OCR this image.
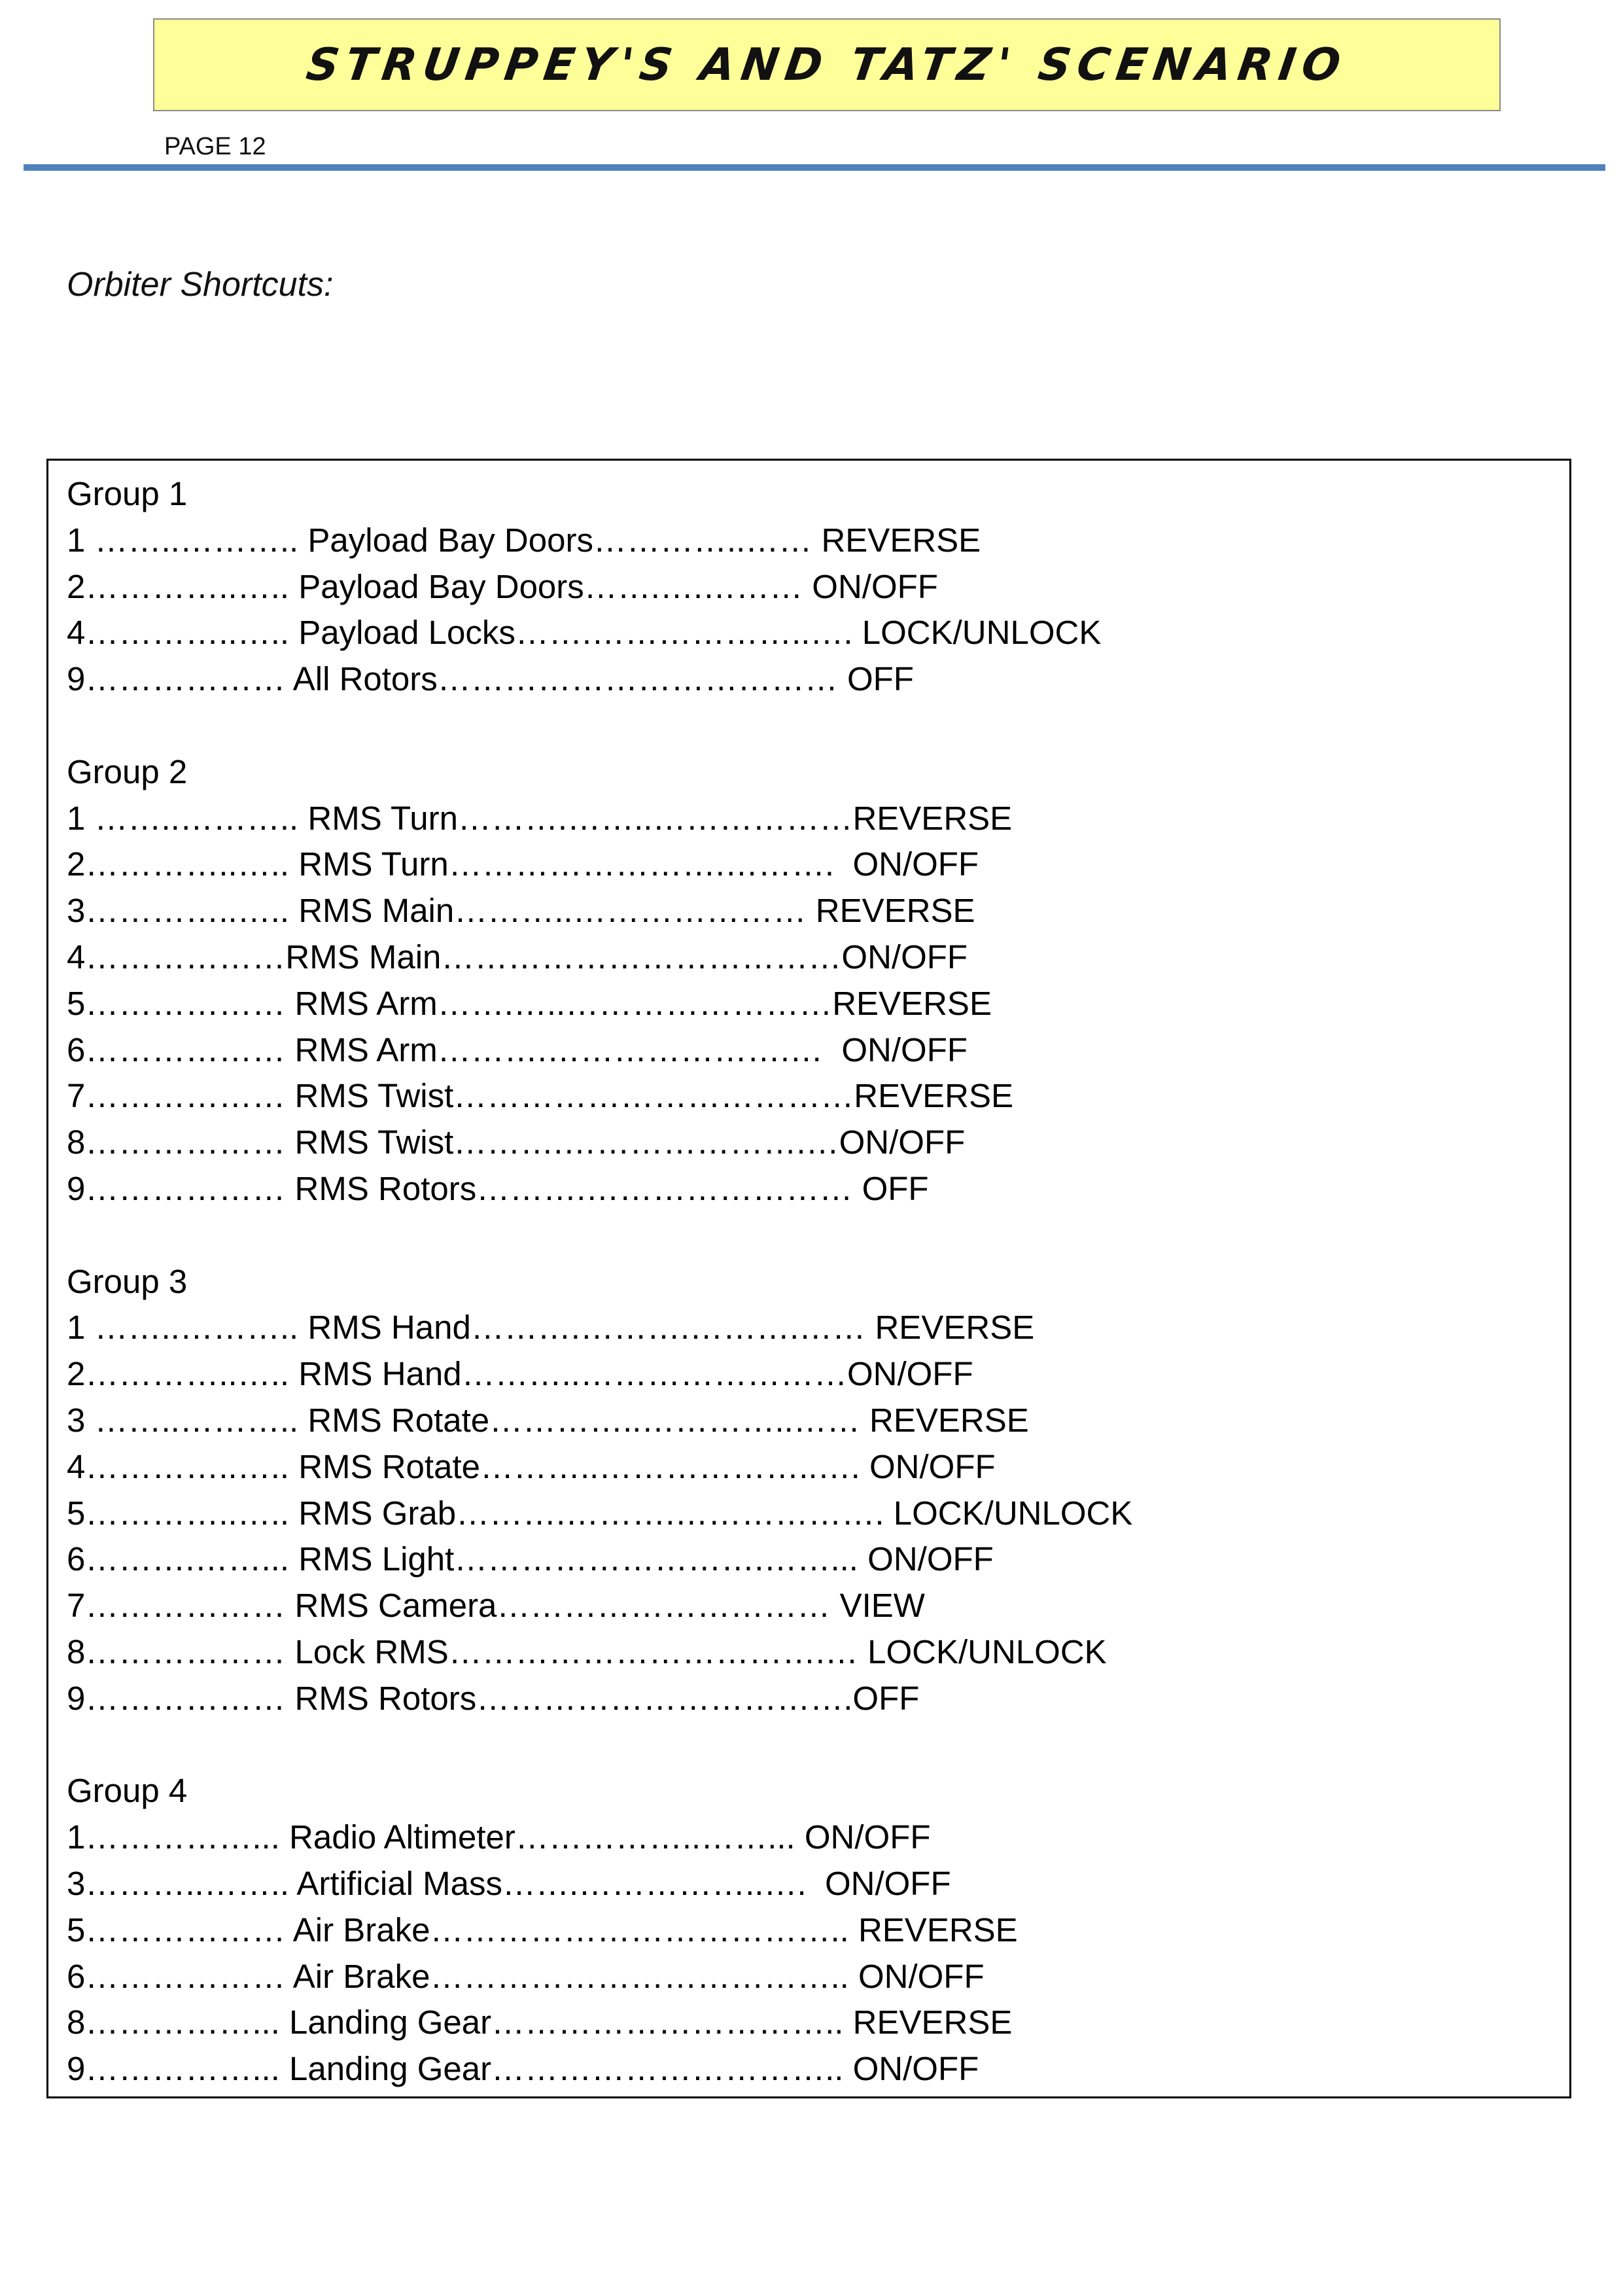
STRUPPEY'S AND TATZ' SCENARIO
PAGE 12
Orbiter Shortcuts:
Group 1
1 ……..……….. Payload Bay Doors…………..…… REVERSE
2…………..….. Payload Bay Doors…….….……… ON/OFF
4…………..….. Payload Locks…….………………..…. LOCK/UNLOCK
9……………… All Rotors……………………………… OFF
Group 2
1 ……..……….. RMS Turn……….……..………………REVERSE
2…………..….. RMS Turn…………………….……….  ON/OFF
3…………..….. RMS Main………..………………… REVERSE
4………………RMS Main………………………………ON/OFF
5……………… RMS Arm…….…..……………………REVERSE
6……………… RMS Arm……….………………….…  ON/OFF
7……………… RMS Twist………………………………REVERSE
8……………… RMS Twist……….………………….…ON/OFF
9……………… RMS Rotors……….…………………… OFF
Group 3
1 ……..……….. RMS Hand……….……….……….…… REVERSE
2…………..….. RMS Hand………..……………………ON/OFF
3 ……..……….. RMS Rotate…………..…………..…… REVERSE
4…………..….. RMS Rotate………..………………..…. ON/OFF
5…………..….. RMS Grab……….……….………………. LOCK/UNLOCK
6……….……... RMS Light……………………….……... ON/OFF
7……………… RMS Camera………………………… VIEW
8……………… Lock RMS…………………………….… LOCK/UNLOCK
9……………… RMS Rotors…………………………….OFF
Group 4
1……………... Radio Altimeter……………..……... ON/OFF
3………..…….. Artificial Mass…….……………..….  ON/OFF
5……………… Air Brake……………………………….. REVERSE
6……………… Air Brake……………………………….. ON/OFF
8……………... Landing Gear………………………….. REVERSE
9……………... Landing Gear………………………….. ON/OFF
